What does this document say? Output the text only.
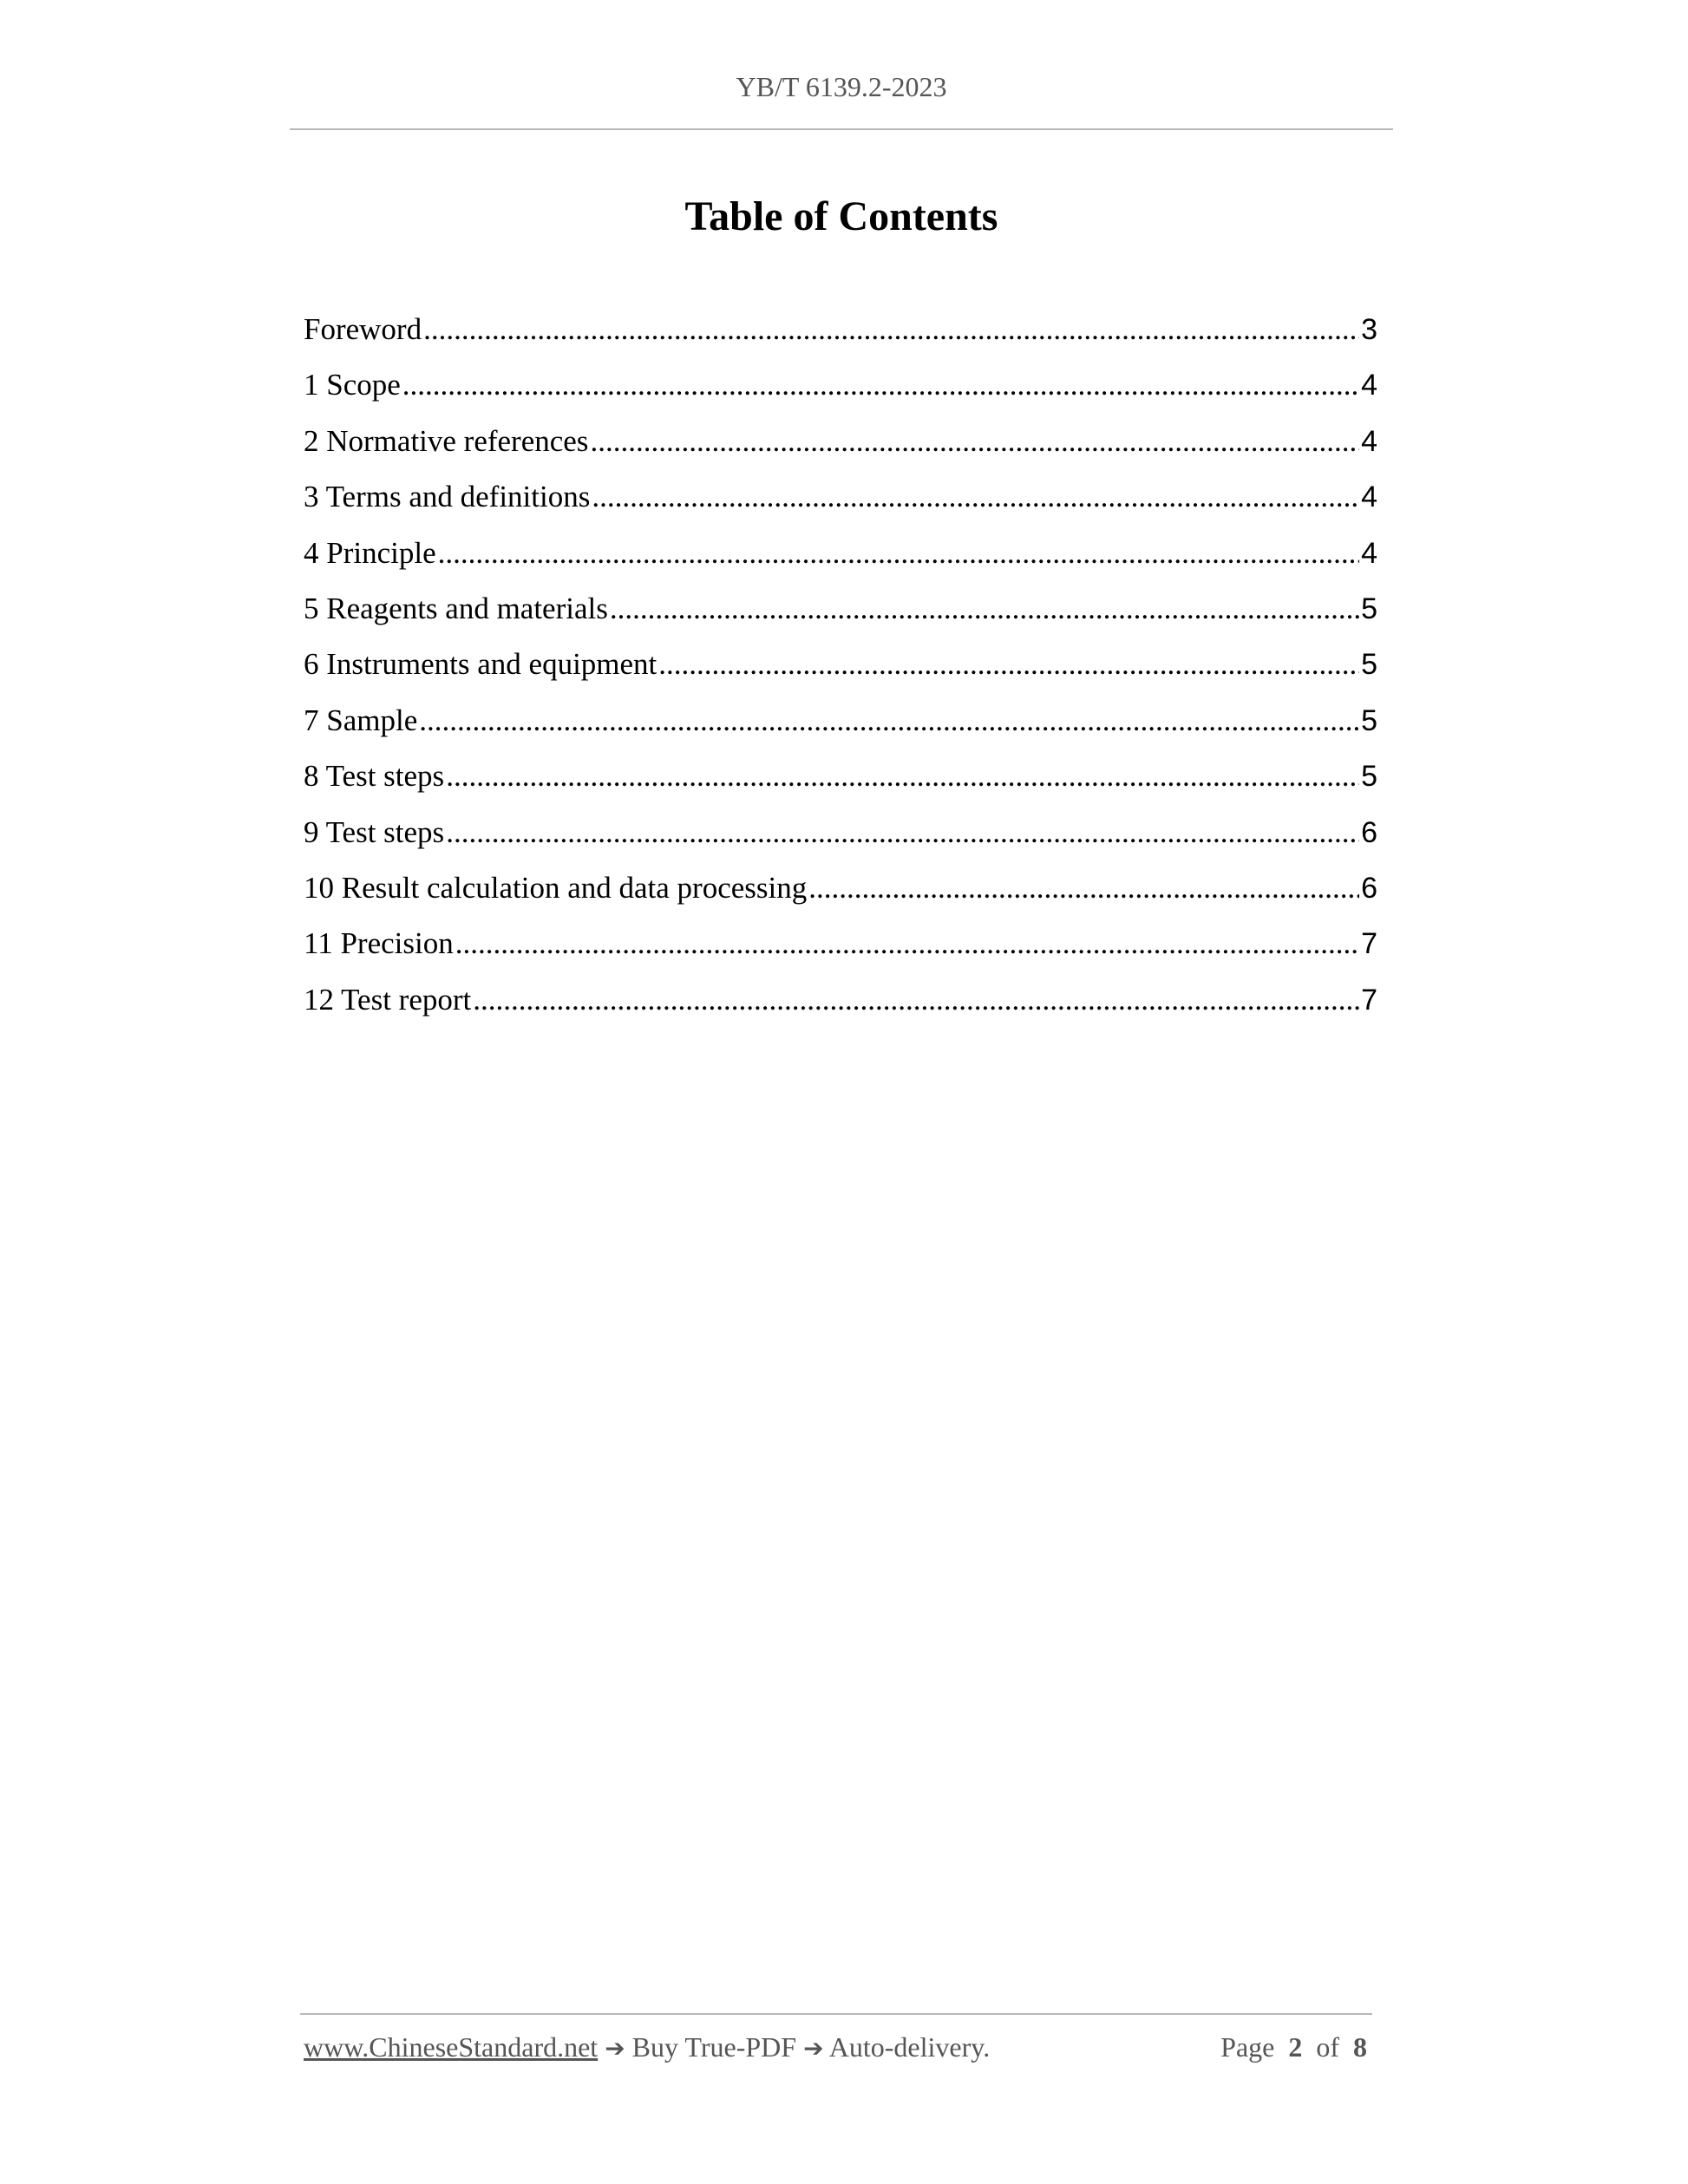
YB/T 6139.2-2023
Table of Contents
Foreword .....	3
1 Scope .....	4
2 Normative references .....	4
3 Terms and definitions .....	4
4 Principle .....	4
5 Reagents and materials .....	5
6 Instruments and equipment .....	5
7 Sample .....	5
8 Test steps .....	5
9 Test steps .....	6
10 Result calculation and data processing .....	6
11 Precision .....	7
12 Test report .....	7
www.ChineseStandard.net ➔ Buy True-PDF ➔ Auto-delivery.	Page 2 of 8
